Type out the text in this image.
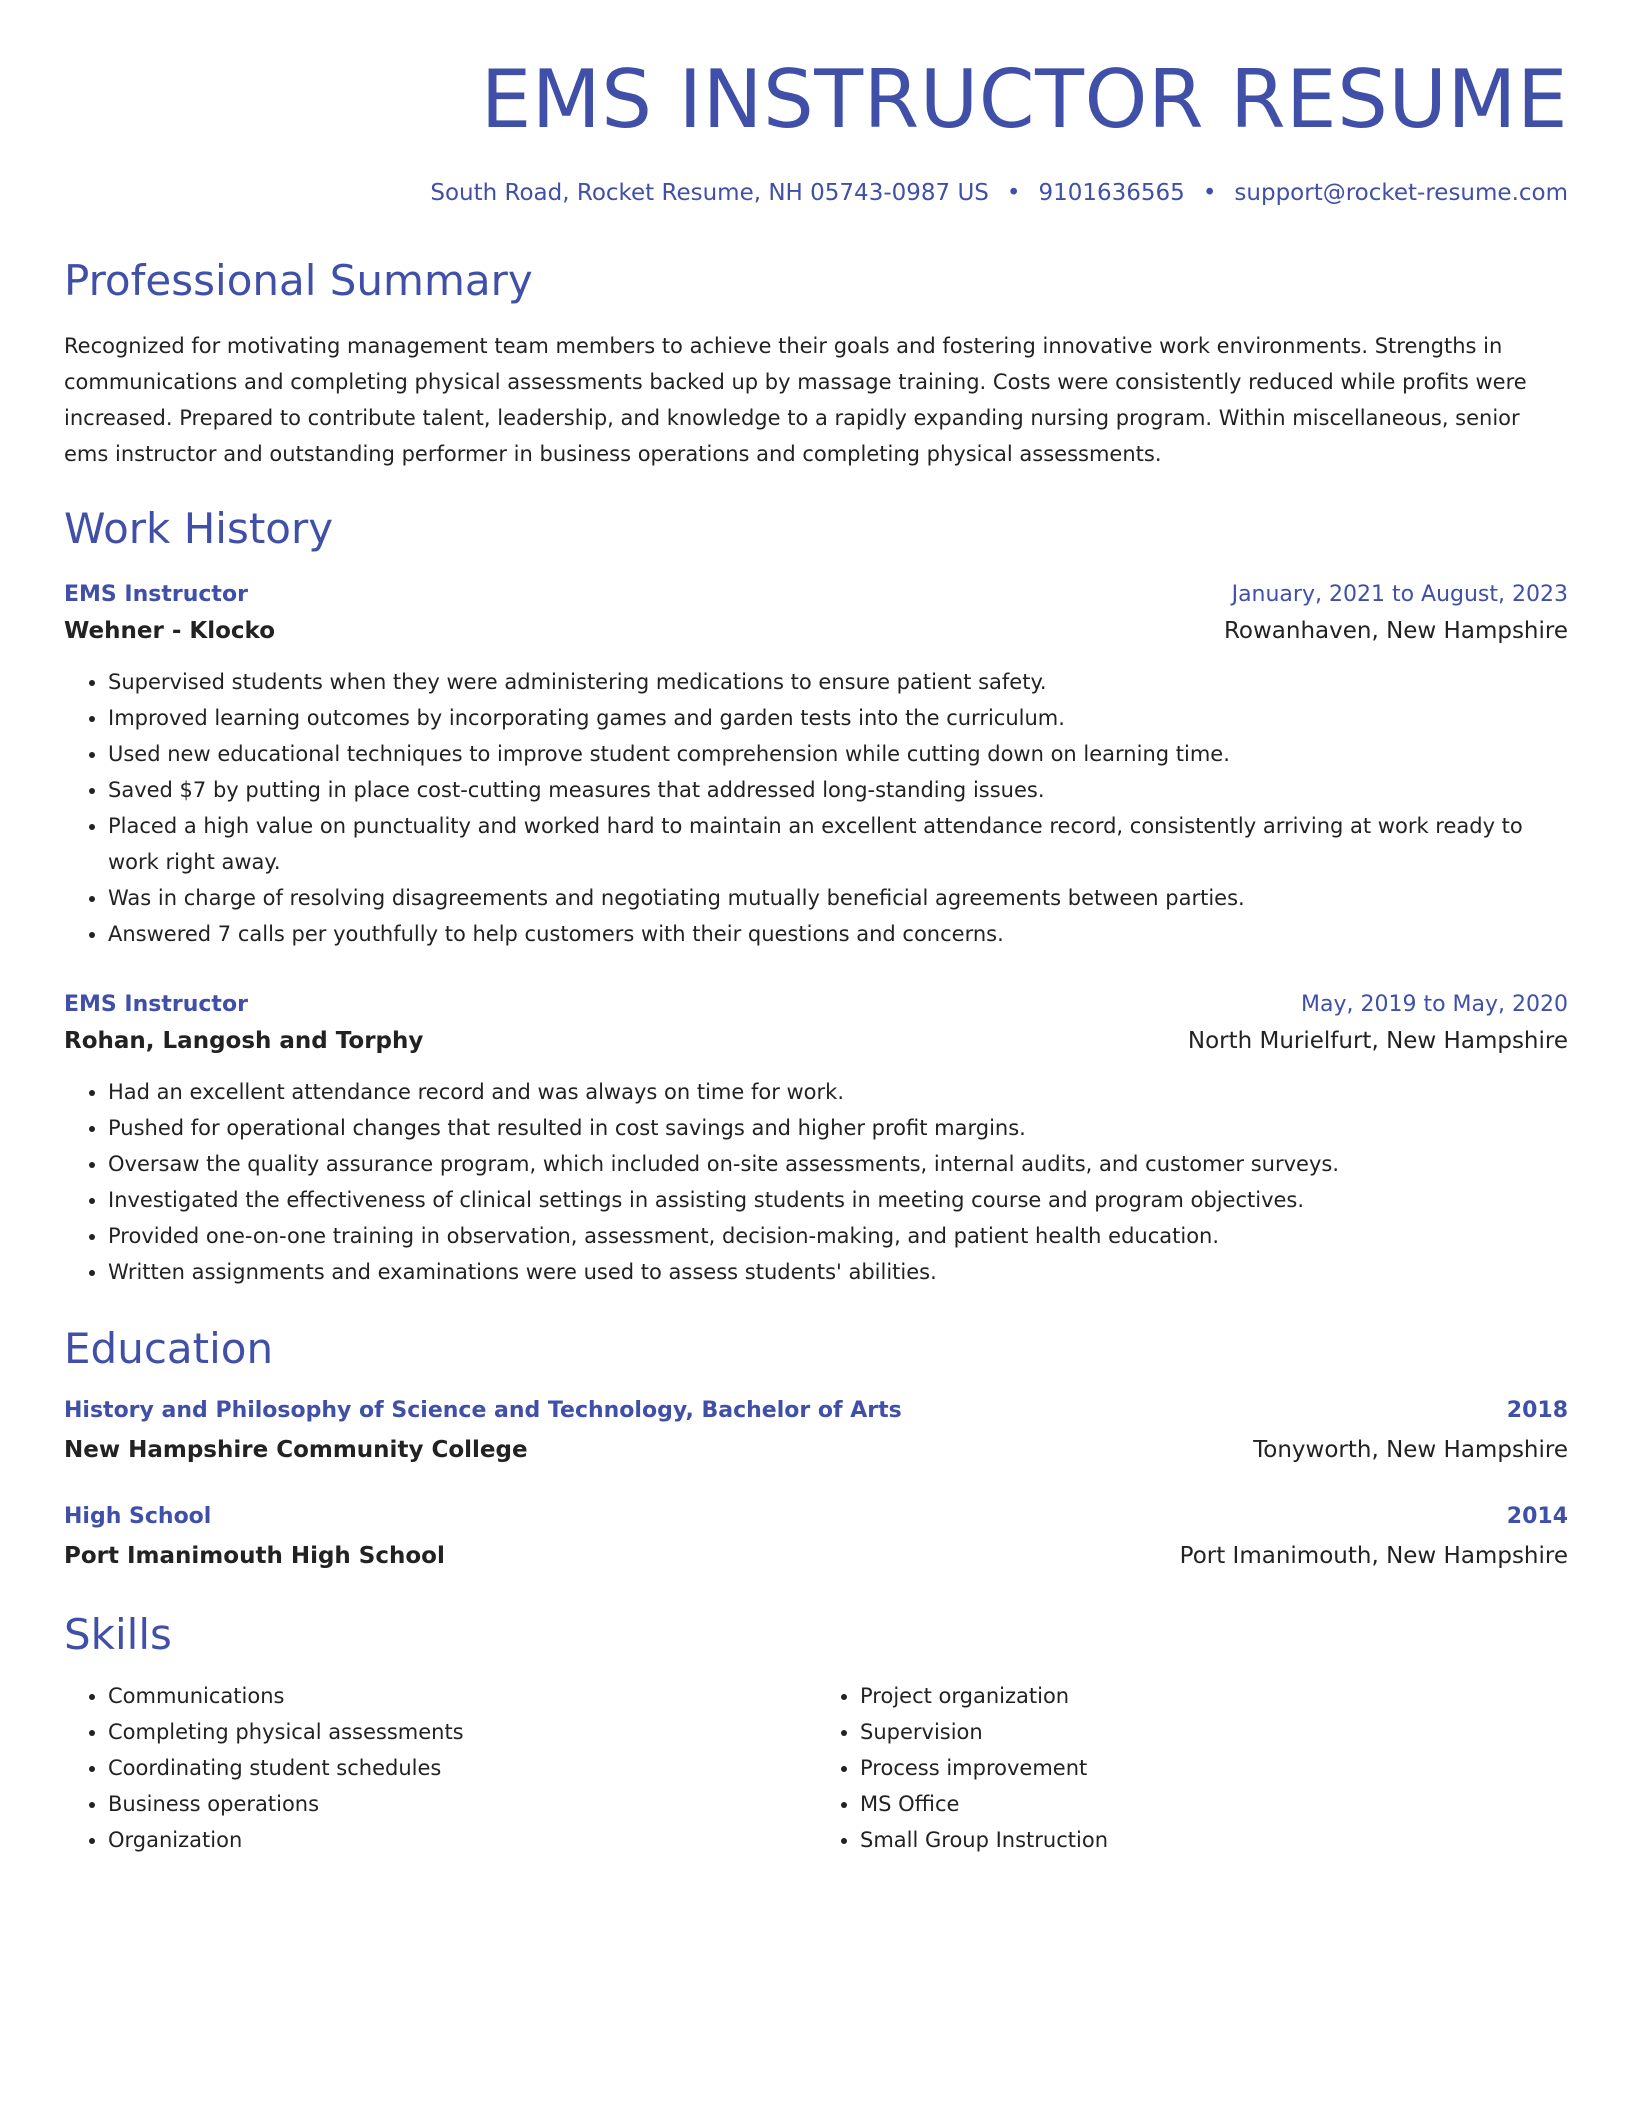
EMS INSTRUCTOR RESUME
South Road, Rocket Resume, NH 05743-0987 US • 9101636565 • support@rocket-resume.com
Professional Summary

Recognized for motivating management team members to achieve their goals and fostering innovative work environments. Strengths in communications and completing physical assessments backed up by massage training. Costs were consistently reduced while profits were increased. Prepared to contribute talent, leadership, and knowledge to a rapidly expanding nursing program. Within miscellaneous, senior ems instructor and outstanding performer in business operations and completing physical assessments.

Work History
EMS Instructor	January, 2021 to August, 2023
Wehner - Klocko	Rowanhaven, New Hampshire
• Supervised students when they were administering medications to ensure patient safety.
• Improved learning outcomes by incorporating games and garden tests into the curriculum.
• Used new educational techniques to improve student comprehension while cutting down on learning time.
• Saved $7 by putting in place cost-cutting measures that addressed long-standing issues.
• Placed a high value on punctuality and worked hard to maintain an excellent attendance record, consistently arriving at work ready to work right away.
• Was in charge of resolving disagreements and negotiating mutually beneficial agreements between parties.
• Answered 7 calls per youthfully to help customers with their questions and concerns.
EMS Instructor	May, 2019 to May, 2020
Rohan, Langosh and Torphy	North Murielfurt, New Hampshire
• Had an excellent attendance record and was always on time for work.
• Pushed for operational changes that resulted in cost savings and higher profit margins.
• Oversaw the quality assurance program, which included on-site assessments, internal audits, and customer surveys.
• Investigated the effectiveness of clinical settings in assisting students in meeting course and program objectives.
• Provided one-on-one training in observation, assessment, decision-making, and patient health education.
• Written assignments and examinations were used to assess students' abilities.
Education
History and Philosophy of Science and Technology, Bachelor of Arts	2018
New Hampshire Community College	Tonyworth, New Hampshire
High School	2014
Port Imanimouth High School	Port Imanimouth, New Hampshire
Skills
• Communications
• Completing physical assessments
• Coordinating student schedules
• Business operations
• Organization
• Project organization
• Supervision
• Process improvement
• MS Office
• Small Group Instruction
